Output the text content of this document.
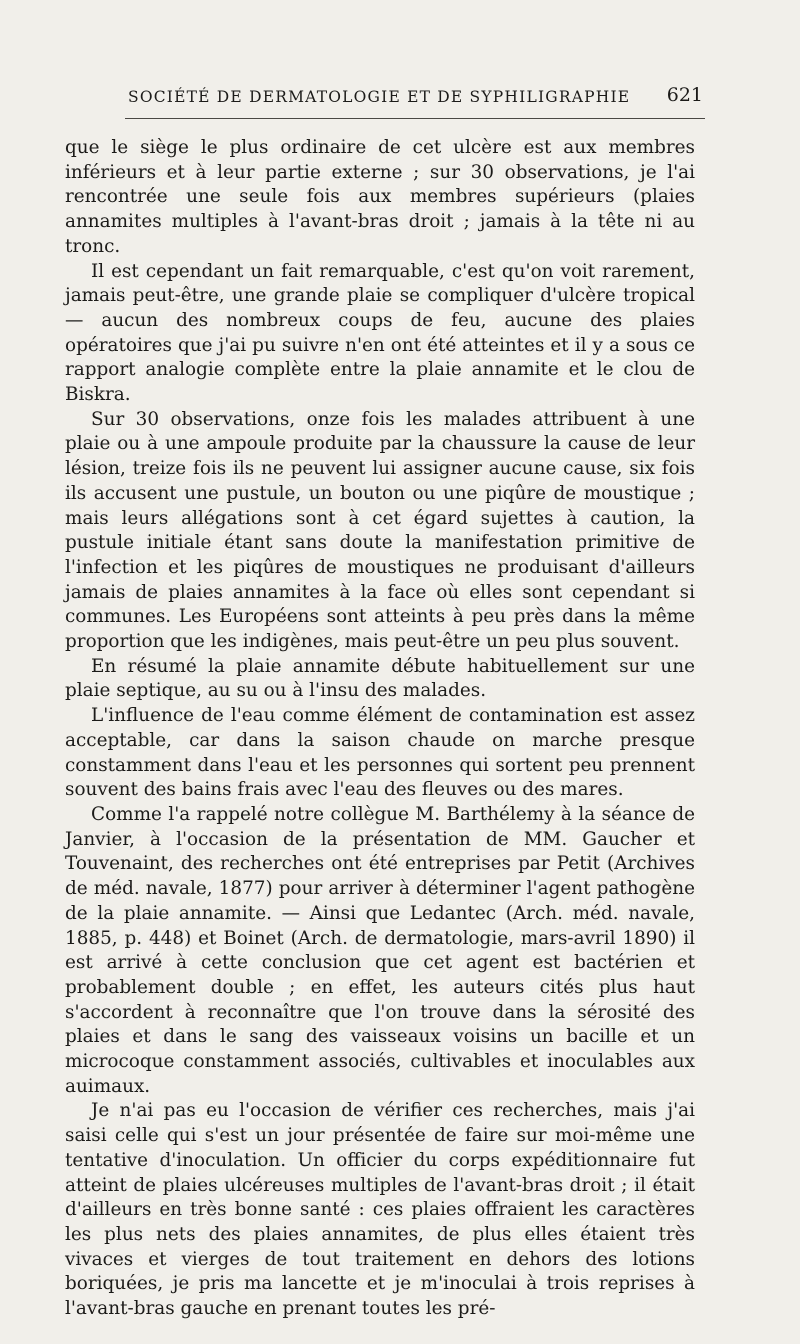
SOCIÉTÉ DE DERMATOLOGIE ET DE SYPHILIGRAPHIE 621

que le siège le plus ordinaire de cet ulcère est aux membres inférieurs et à leur partie externe ; sur 30 observations, je l'ai rencontrée une seule fois aux membres supérieurs (plaies annamites multiples à l'avant-bras droit ; jamais à la tête ni au tronc.

Il est cependant un fait remarquable, c'est qu'on voit rarement, jamais peut-être, une grande plaie se compliquer d'ulcère tropical — aucun des nombreux coups de feu, aucune des plaies opératoires que j'ai pu suivre n'en ont été atteintes et il y a sous ce rapport analogie complète entre la plaie annamite et le clou de Biskra.

Sur 30 observations, onze fois les malades attribuent à une plaie ou à une ampoule produite par la chaussure la cause de leur lésion, treize fois ils ne peuvent lui assigner aucune cause, six fois ils accusent une pustule, un bouton ou une piqûre de moustique ; mais leurs allégations sont à cet égard sujettes à caution, la pustule initiale étant sans doute la manifestation primitive de l'infection et les piqûres de moustiques ne produisant d'ailleurs jamais de plaies annamites à la face où elles sont cependant si communes. Les Européens sont atteints à peu près dans la même proportion que les indigènes, mais peut-être un peu plus souvent.

En résumé la plaie annamite débute habituellement sur une plaie septique, au su ou à l'insu des malades.

L'influence de l'eau comme élément de contamination est assez acceptable, car dans la saison chaude on marche presque constamment dans l'eau et les personnes qui sortent peu prennent souvent des bains frais avec l'eau des fleuves ou des mares.

Comme l'a rappelé notre collègue M. Barthélemy à la séance de Janvier, à l'occasion de la présentation de MM. Gaucher et Touvenaint, des recherches ont été entreprises par Petit (Archives de méd. navale, 1877) pour arriver à déterminer l'agent pathogène de la plaie annamite. — Ainsi que Ledantec (Arch. méd. navale, 1885, p. 448) et Boinet (Arch. de dermatologie, mars-avril 1890) il est arrivé à cette conclusion que cet agent est bactérien et probablement double ; en effet, les auteurs cités plus haut s'accordent à reconnaître que l'on trouve dans la sérosité des plaies et dans le sang des vaisseaux voisins un bacille et un microcoque constamment associés, cultivables et inoculables aux auimaux.

Je n'ai pas eu l'occasion de vérifier ces recherches, mais j'ai saisi celle qui s'est un jour présentée de faire sur moi-même une tentative d'inoculation. Un officier du corps expéditionnaire fut atteint de plaies ulcéreuses multiples de l'avant-bras droit ; il était d'ailleurs en très bonne santé : ces plaies offraient les caractères les plus nets des plaies annamites, de plus elles étaient très vivaces et vierges de tout traitement en dehors des lotions boriquées, je pris ma lancette et je m'inoculai à trois reprises à l'avant-bras gauche en prenant toutes les pré-
